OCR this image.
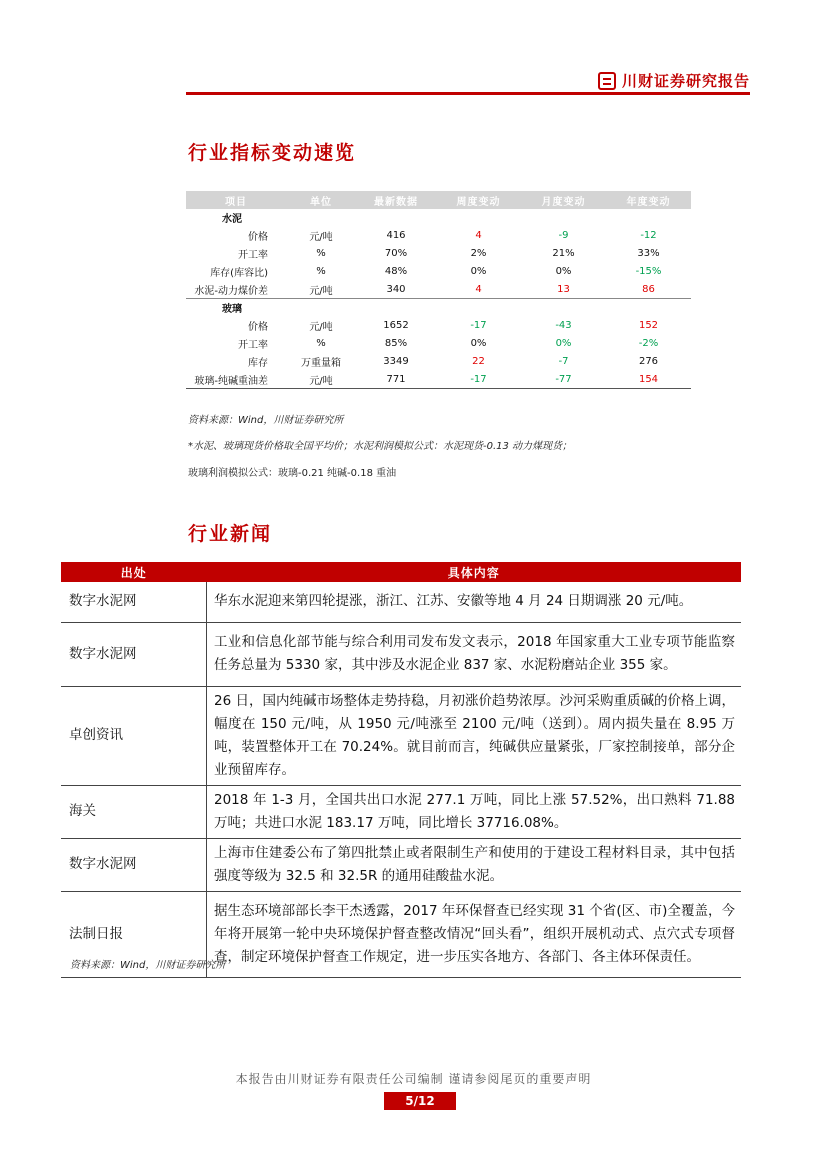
川财证券研究报告
行业指标变动速览
项目	单位	最新数据	周度变动	月度变动	年度变动
水泥					
价格	元/吨	416	4	-9	-12
开工率	%	70%	2%	21%	33%
库存(库容比)	%	48%	0%	0%	-15%
水泥-动力煤价差	元/吨	340	4	13	86
玻璃					
价格	元/吨	1652	-17	-43	152
开工率	%	85%	0%	0%	-2%
库存	万重量箱	3349	22	-7	276
玻璃-纯碱重油差	元/吨	771	-17	-77	154
资料来源：Wind，川财证券研究所
*水泥、玻璃现货价格取全国平均价；水泥利润模拟公式：水泥现货-0.13 动力煤现货；
玻璃利润模拟公式：玻璃-0.21 纯碱-0.18 重油
行业新闻
出处	具体内容
数字水泥网	华东水泥迎来第四轮提涨，浙江、江苏、安徽等地 4 月 24 日期调涨 20 元/吨。
数字水泥网	工业和信息化部节能与综合利用司发布发文表示，2018 年国家重大工业专项节能监察任务总量为 5330 家，其中涉及水泥企业 837 家、水泥粉磨站企业 355 家。
卓创资讯	26 日，国内纯碱市场整体走势持稳，月初涨价趋势浓厚。沙河采购重质碱的价格上调，幅度在 150 元/吨，从 1950 元/吨涨至 2100 元/吨（送到）。周内损失量在 8.95 万吨，装置整体开工在 70.24%。就目前而言，纯碱供应量紧张，厂家控制接单，部分企业预留库存。
海关	2018 年 1-3 月，全国共出口水泥 277.1 万吨，同比上涨 57.52%，出口熟料 71.88 万吨；共进口水泥 183.17 万吨，同比增长 37716.08%。
数字水泥网	上海市住建委公布了第四批禁止或者限制生产和使用的于建设工程材料目录，其中包括强度等级为 32.5 和 32.5R 的通用硅酸盐水泥。
法制日报	据生态环境部部长李干杰透露，2017 年环保督查已经实现 31 个省(区、市)全覆盖，今年将开展第一轮中央环境保护督查整改情况“回头看”，组织开展机动式、点穴式专项督查，制定环境保护督查工作规定，进一步压实各地方、各部门、各主体环保责任。
资料来源：Wind，川财证券研究所
本报告由川财证券有限责任公司编制 谨请参阅尾页的重要声明
5/12
